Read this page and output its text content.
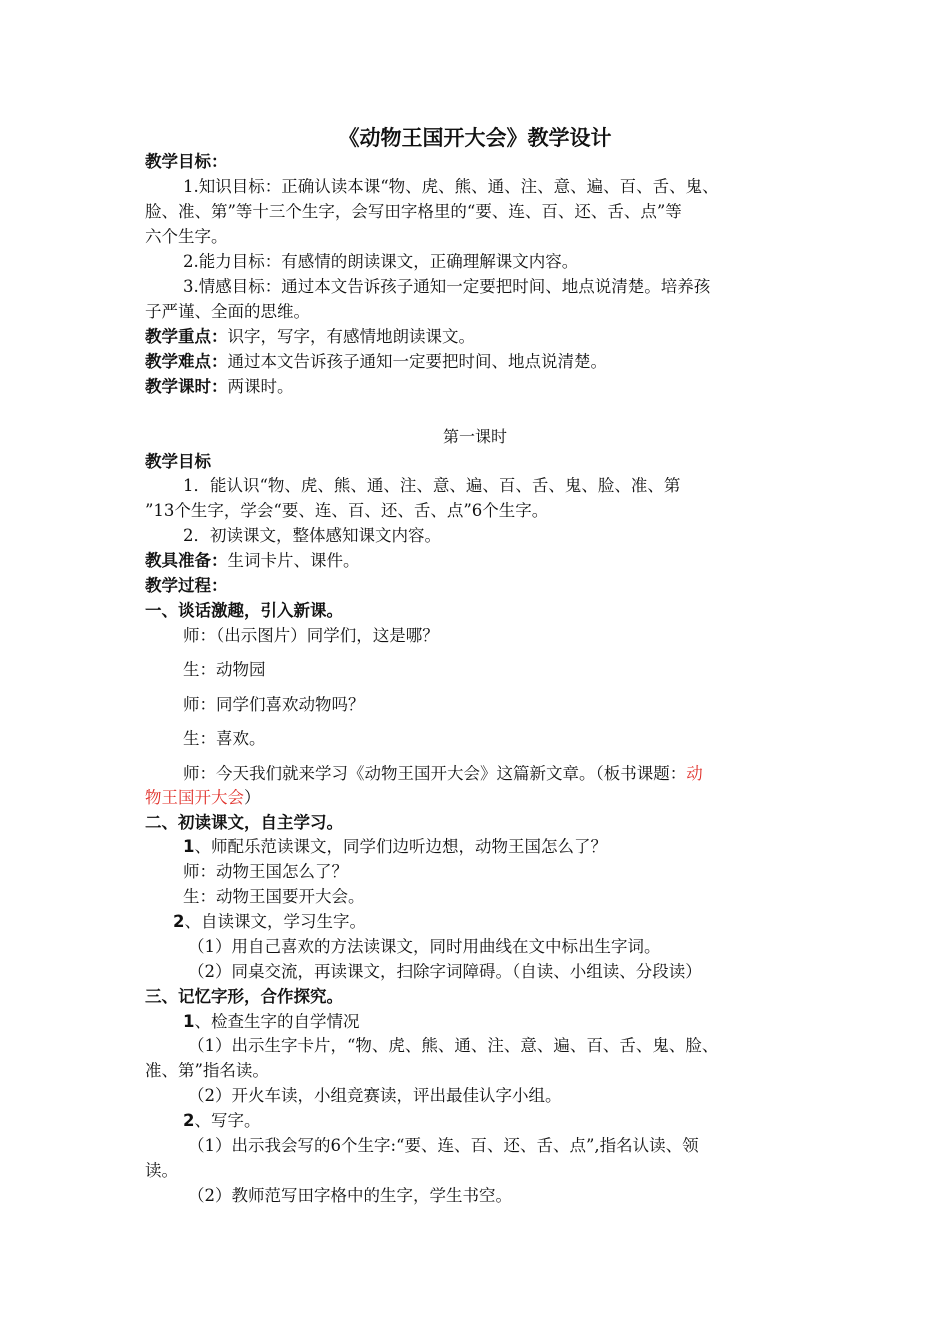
《动物王国开大会》教学设计
教学目标：
1.知识目标：正确认读本课“物、虎、熊、通、注、意、遍、百、舌、鬼、
脸、准、第”等十三个生字，会写田字格里的“要、连、百、还、舌、点”等
六个生字。
2.能力目标：有感情的朗读课文，正确理解课文内容。
3.情感目标：通过本文告诉孩子通知一定要把时间、地点说清楚。培养孩
子严谨、全面的思维。
教学重点：识字，写字，有感情地朗读课文。
教学难点：通过本文告诉孩子通知一定要把时间、地点说清楚。
教学课时：两课时。
第一课时
教学目标
1．能认识“物、虎、熊、通、注、意、遍、百、舌、鬼、脸、准、第
”13个生字，学会“要、连、百、还、舌、点”6个生字。
2．初读课文，整体感知课文内容。
教具准备：生词卡片、课件。
教学过程：
一、谈话激趣，引入新课。
师：（出示图片）同学们，这是哪？
生：动物园
师：同学们喜欢动物吗？
生：喜欢。
师：今天我们就来学习《动物王国开大会》这篇新文章。（板书课题：动
物王国开大会）
二、初读课文，自主学习。
1、师配乐范读课文，同学们边听边想，动物王国怎么了？
师：动物王国怎么了？
生：动物王国要开大会。
2、自读课文，学习生字。
（1）用自己喜欢的方法读课文，同时用曲线在文中标出生字词。
（2）同桌交流，再读课文，扫除字词障碍。（自读、小组读、分段读）
三、记忆字形，合作探究。
1、检查生字的自学情况
（1）出示生字卡片，“物、虎、熊、通、注、意、遍、百、舌、鬼、脸、
准、第”指名读。
（2）开火车读，小组竞赛读，评出最佳认字小组。
2、写字。
（1）出示我会写的6个生字:“要、连、百、还、舌、点”,指名认读、领
读。
（2）教师范写田字格中的生字，学生书空。
